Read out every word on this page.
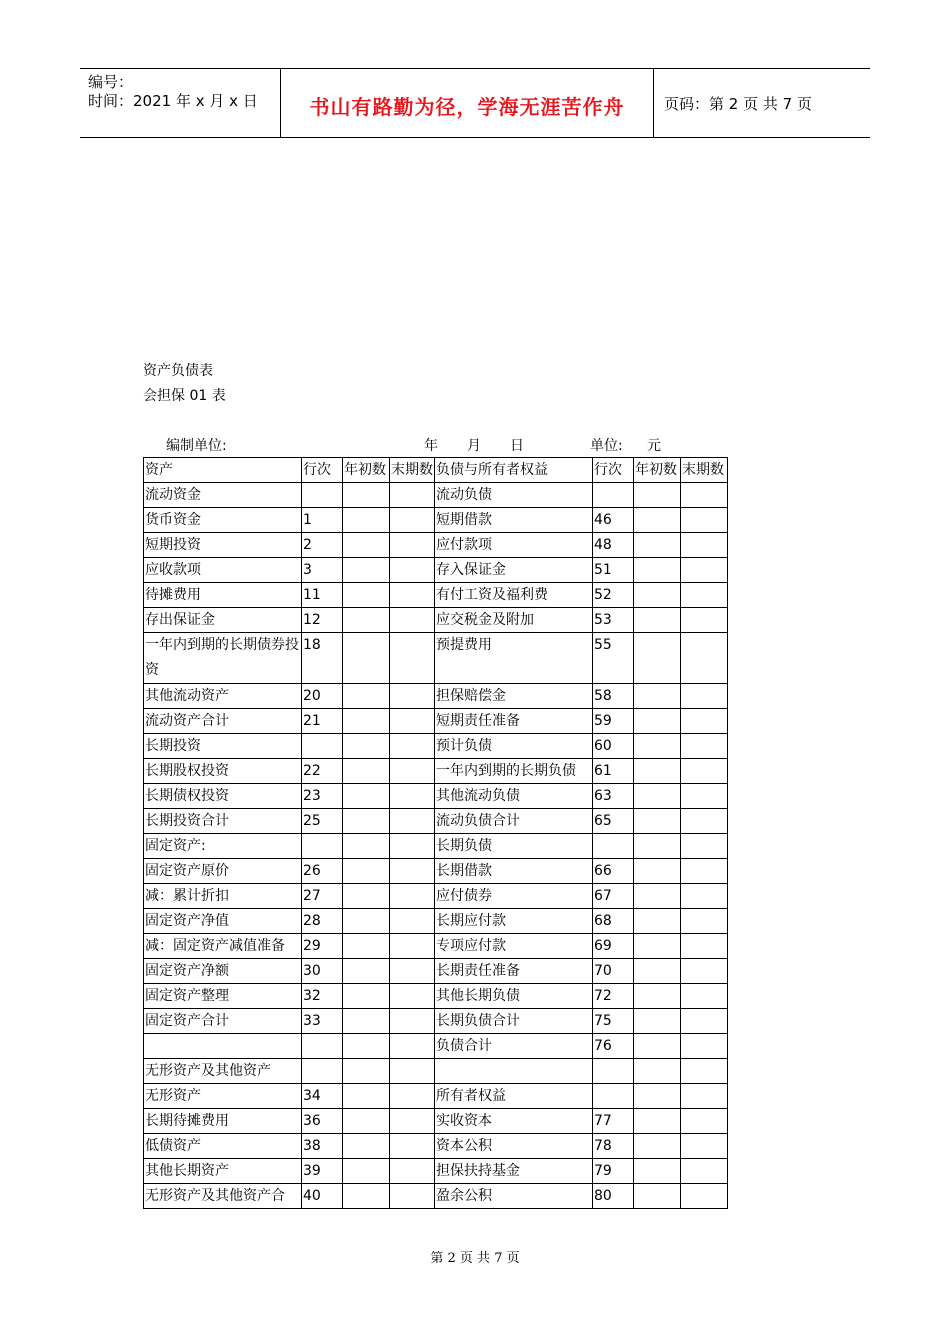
编号：
时间：2021 年 x 月 x 日	书山有路勤为径，学海无涯苦作舟	页码：第 2 页 共 7 页
资产负债表
会担保 01 表
编制单位:	年 月 日	单位: 元
资产	行次	年初数	末期数	负债与所有者权益	行次	年初数	末期数
流动资金				流动负债			
货币资金	1			短期借款	46		
短期投资	2			应付款项	48		
应收款项	3			存入保证金	51		
待摊费用	11			有付工资及福利费	52		
存出保证金	12			应交税金及附加	53		
一年内到期的长期债券投资	18			预提费用	55		
其他流动资产	20			担保赔偿金	58		
流动资产合计	21			短期责任准备	59		
长期投资				预计负债	60		
长期股权投资	22			一年内到期的长期负债	61		
长期债权投资	23			其他流动负债	63		
长期投资合计	25			流动负债合计	65		
固定资产:				长期负债			
固定资产原价	26			长期借款	66		
减：累计折扣	27			应付债券	67		
固定资产净值	28			长期应付款	68		
减：固定资产减值准备	29			专项应付款	69		
固定资产净额	30			长期责任准备	70		
固定资产整理	32			其他长期负债	72		
固定资产合计	33			长期负债合计	75		
				负债合计	76		
无形资产及其他资产							
无形资产	34			所有者权益			
长期待摊费用	36			实收资本	77		
低债资产	38			资本公积	78		
其他长期资产	39			担保扶持基金	79		
无形资产及其他资产合	40			盈余公积	80		
第 2 页 共 7 页
